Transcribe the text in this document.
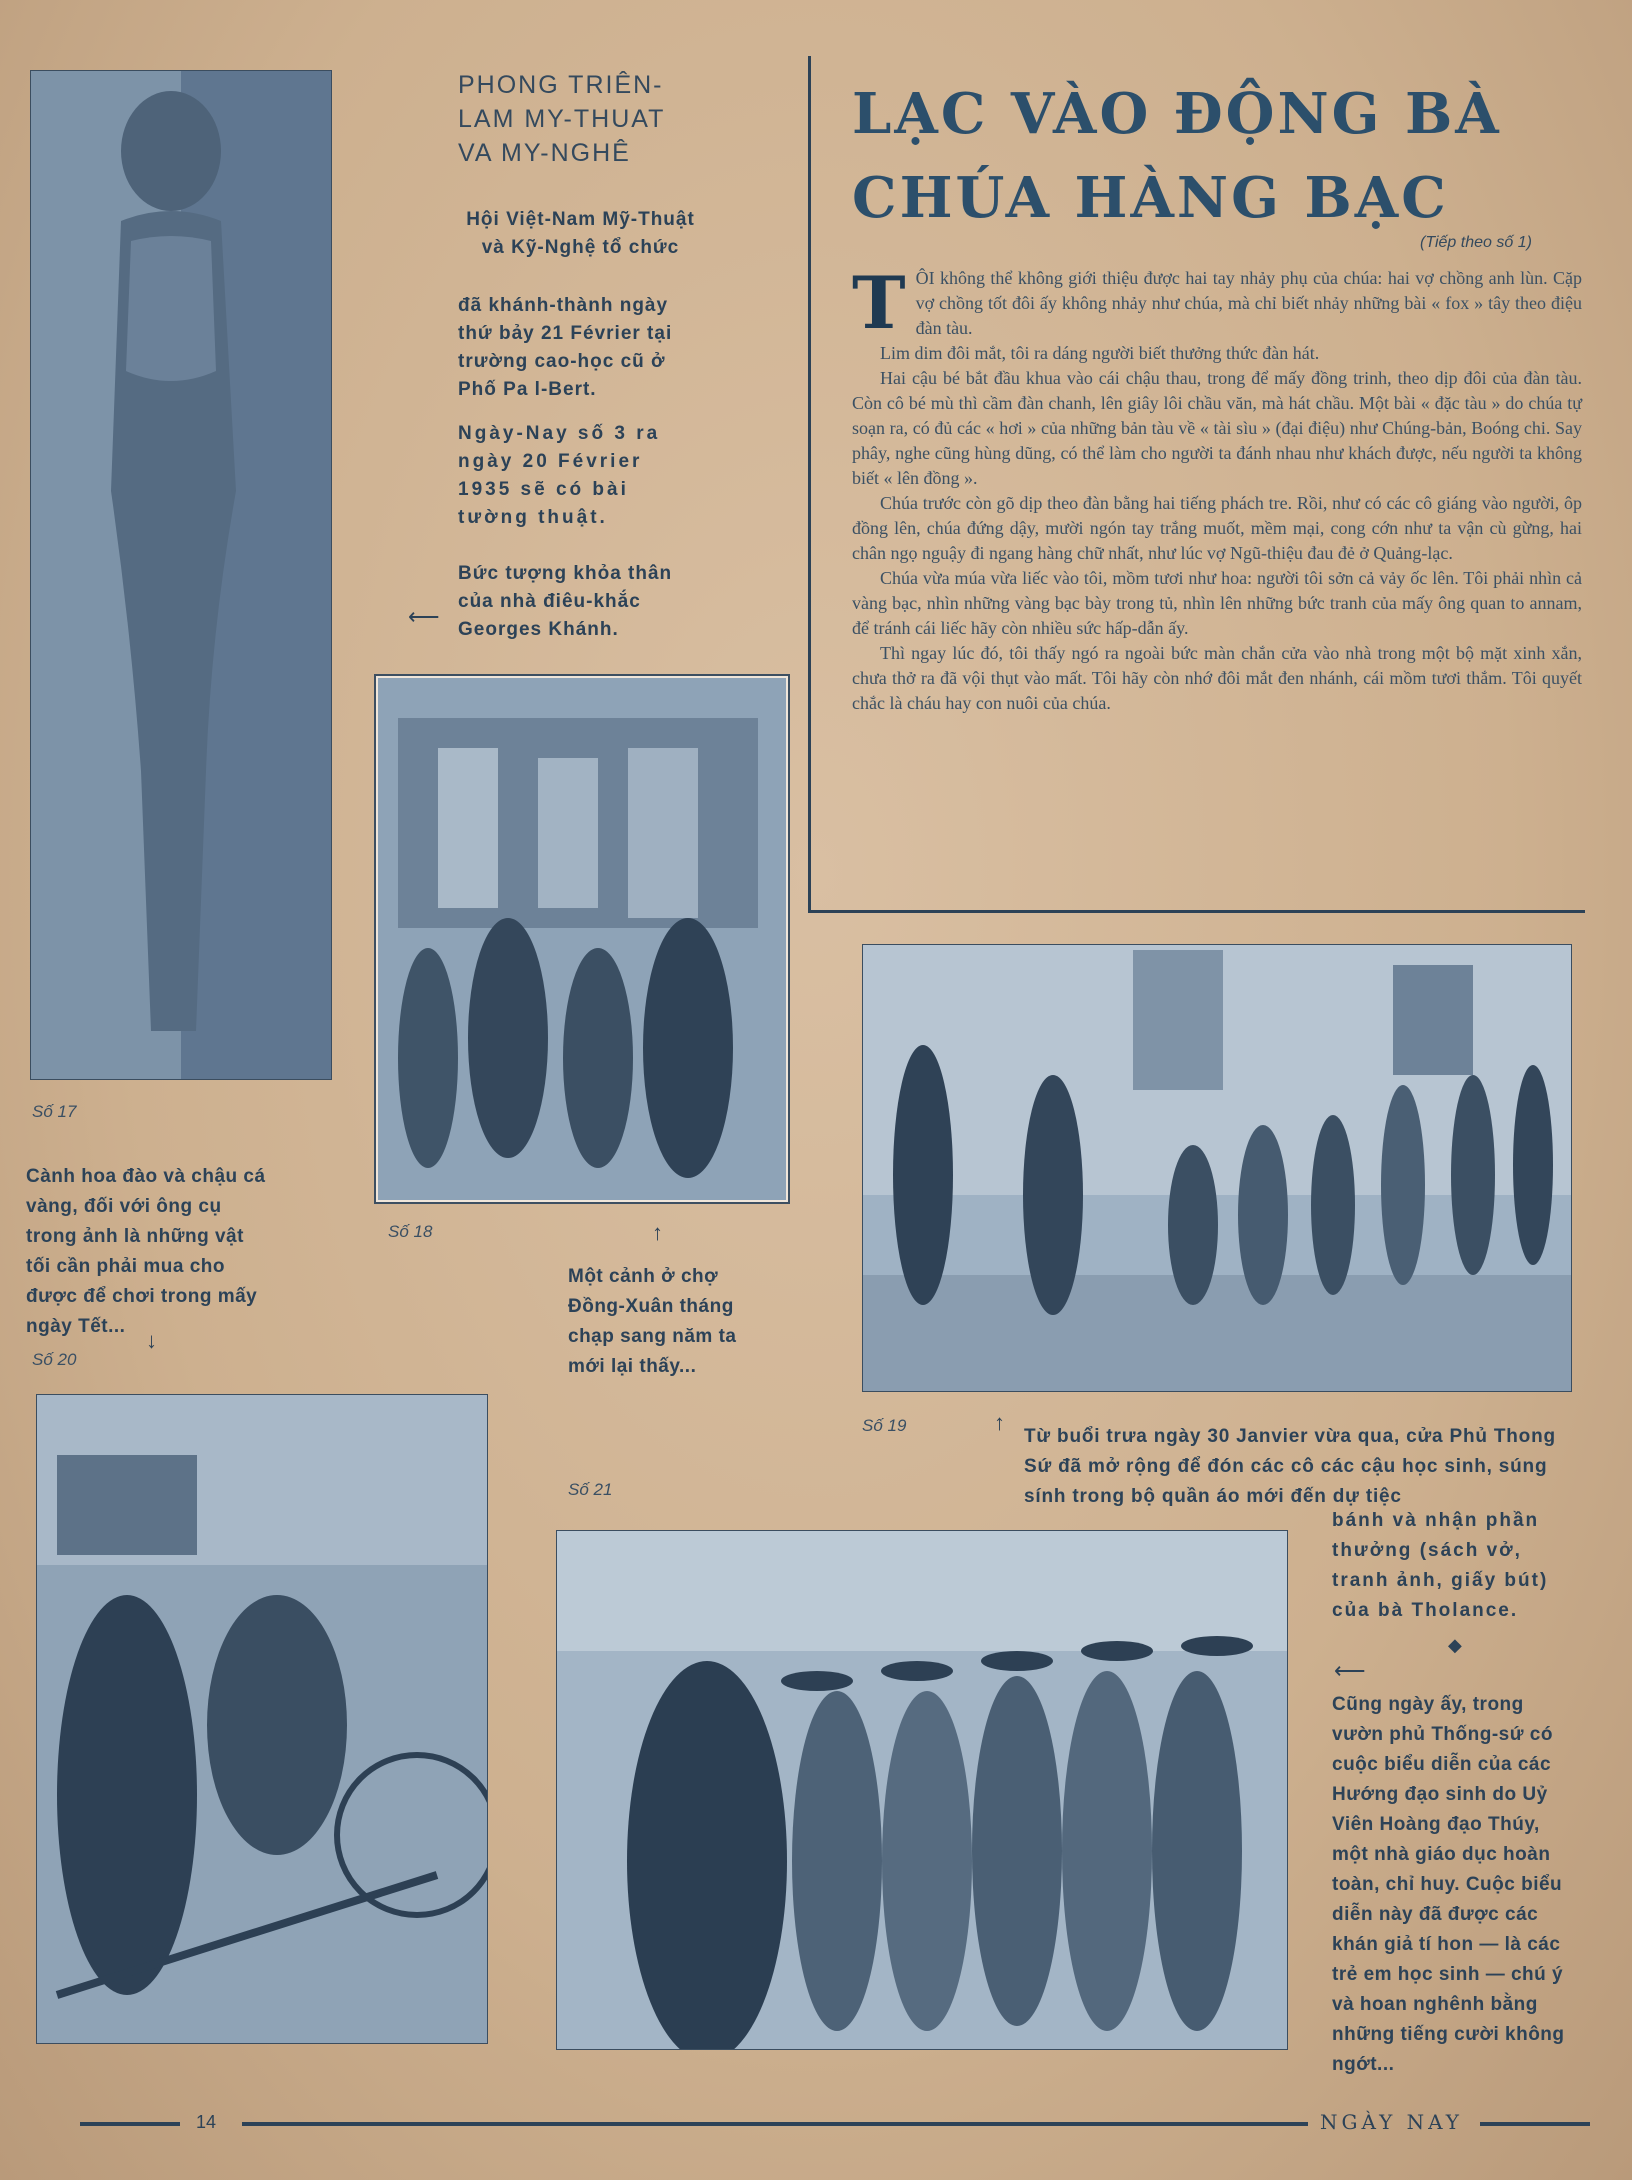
Số 17
PHONG TRIÊN-
LAM MY-THUAT
VA MY-NGHÊ
Hội Việt-Nam Mỹ-Thuật và Kỹ-Nghệ tổ chức
đã khánh-thành ngày thứ bảy 21 Février tại trường cao-học cũ ở Phố Pa l-Bert.
Ngày-Nay số 3 ra ngày 20 Février 1935 sẽ có bài tường thuật.
Bức tượng khỏa thân của nhà điêu-khắc Georges Khánh.
⟵
LẠC VÀO ĐỘNG BÀ
CHÚA HÀNG BẠC
(Tiếp theo số 1)
T ÔI không thể không giới thiệu được hai tay nhảy phụ của chúa: hai vợ chồng anh lùn. Cặp vợ chồng tốt đôi ấy không nhảy như chúa, mà chỉ biết nhảy những bài « fox » tây theo điệu đàn tàu.

Lim dim đôi mắt, tôi ra dáng người biết thưởng thức đàn hát.

Hai cậu bé bắt đầu khua vào cái chậu thau, trong để mấy đồng trinh, theo dịp đôi của đàn tàu. Còn cô bé mù thì cầm đàn chanh, lên giây lôi chầu văn, mà hát chầu. Một bài « đặc tàu » do chúa tự soạn ra, có đủ các « hơi » của những bản tàu về « tài sìu » (đại điệu) như Chúng-bản, Boóng chi. Say phây, nghe cũng hùng dũng, có thể làm cho người ta đánh nhau như khách được, nếu người ta không biết « lên đồng ».

Chúa trước còn gõ dịp theo đàn bằng hai tiếng phách tre. Rồi, như có các cô giáng vào người, ôp đồng lên, chúa đứng dậy, mười ngón tay trắng muốt, mềm mại, cong cớn như ta vận cù gừng, hai chân ngọ nguậy đi ngang hàng chữ nhất, như lúc vợ Ngũ-thiệu đau đẻ ở Quảng-lạc.

Chúa vừa múa vừa liếc vào tôi, mồm tươi như hoa: người tôi sởn cả vảy ốc lên. Tôi phải nhìn cả vàng bạc, nhìn những vàng bạc bày trong tủ, nhìn lên những bức tranh của mấy ông quan to annam, để tránh cái liếc hãy còn nhiều sức hấp-dẫn ấy.

Thì ngay lúc đó, tôi thấy ngó ra ngoài bức màn chắn cửa vào nhà trong một bộ mặt xinh xắn, chưa thở ra đã vội thụt vào mất. Tôi hãy còn nhớ đôi mắt đen nhánh, cái mồm tươi thắm. Tôi quyết chắc là cháu hay con nuôi của chúa.

Số 18
Cành hoa đào và chậu cá vàng, đối với ông cụ trong ảnh là những vật tối cần phải mua cho được để chơi trong mấy ngày Tết...
Số 20
↓
↑
Một cảnh ở chợ Đồng-Xuân tháng chạp sang năm ta mới lại thấy...
Số 21
Số 19	↑
Từ buổi trưa ngày 30 Janvier vừa qua, cửa Phủ Thong Sứ đã mở rộng để đón các cô các cậu học sinh, súng sính trong bộ quần áo mới đến dự tiệc
bánh và nhận phần thưởng (sách vở, tranh ảnh, giấy bút) của bà Tholance.
◆
⟵
Cũng ngày ấy, trong vườn phủ Thống-sứ có cuộc biểu diễn của các Hướng đạo sinh do Uỷ Viên Hoàng đạo Thúy, một nhà giáo dục hoàn toàn, chỉ huy. Cuộc biểu diễn này đã được các khán giả tí hon — là các trẻ em học sinh — chú ý và hoan nghênh bằng những tiếng cười không ngớt...
14	NGÀY NAY
